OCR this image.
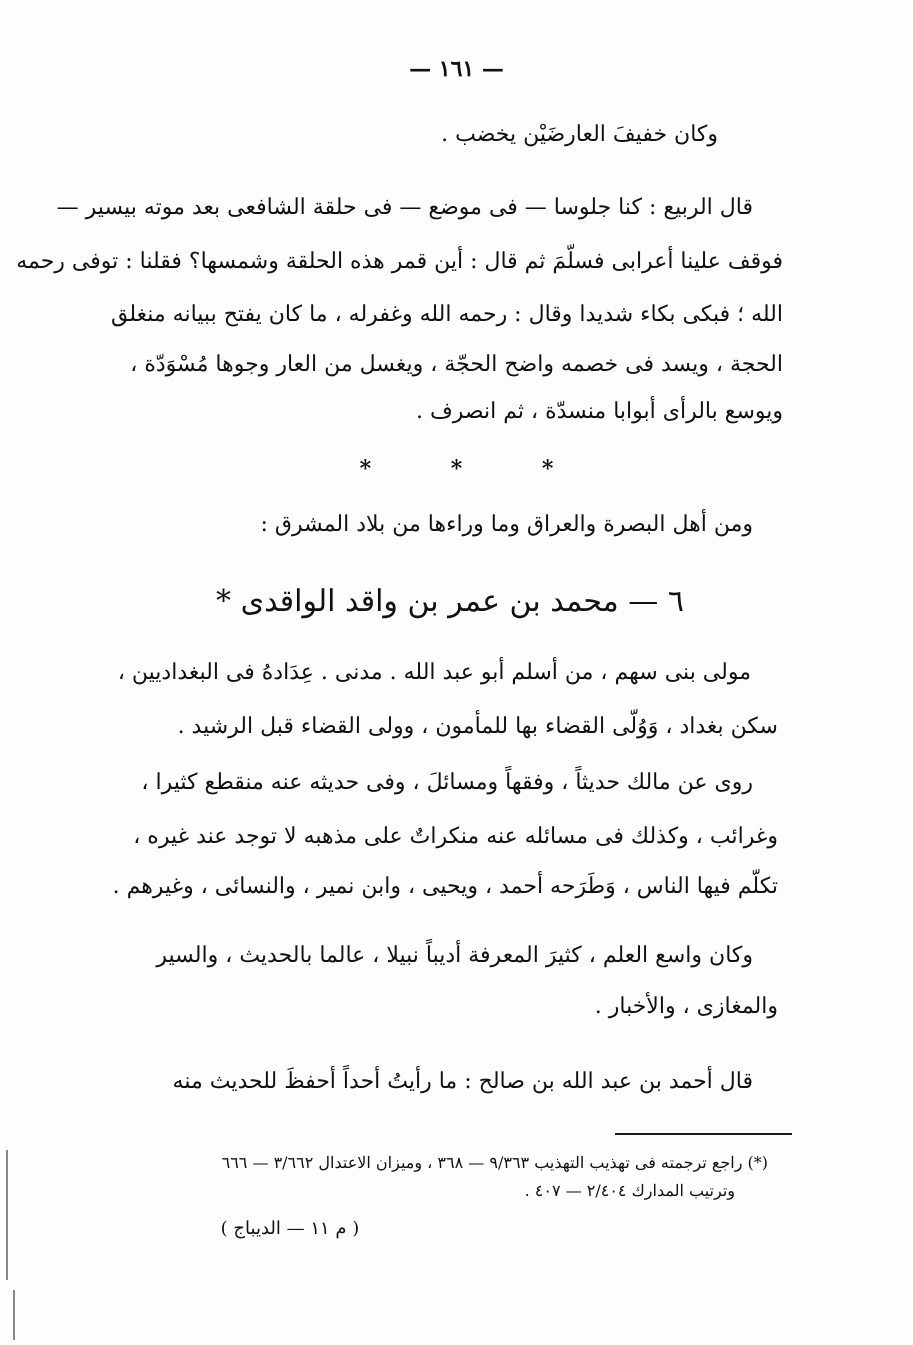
— ١٦١ —
وكان خفيفَ العارضَيْن يخضب .
قال الربيع : كنا جلوسا — فى موضع — فى حلقة الشافعى بعد موته بيسير —
فوقف علينا أعرابى فسلّمَ ثم قال : أين قمر هذه الحلقة وشمسها؟ فقلنا : توفى رحمه
الله ؛ فبكى بكاء شديدا وقال : رحمه الله وغفرله ، ما كان يفتح ببيانه منغلق
الحجة ، ويسد فى خصمه واضح الحجّة ، ويغسل من العار وجوها مُسْوَدّة ،
ويوسع بالرأى أبوابا منسدّة ، ثم انصرف .
* * *
ومن أهل البصرة والعراق وما وراءها من بلاد المشرق :
٦ — محمد بن عمر بن واقد الواقدى *
مولى بنى سهم ، من أسلم أبو عبد الله . مدنى . عِدَادهُ فى البغداديين ،
سكن بغداد ، وَوُلّى القضاء بها للمأمون ، وولى القضاء قبل الرشيد .
روى عن مالك حديثاً ، وفقهاً ومسائلَ ، وفى حديثه عنه منقطع كثيرا ،
وغرائب ، وكذلك فى مسائله عنه منكراتٌ على مذهبه لا توجد عند غيره ،
تكلّم فيها الناس ، وَطَرَحه أحمد ، ويحيى ، وابن نمير ، والنسائى ، وغيرهم .
وكان واسع العلم ، كثيرَ المعرفة أديباً نبيلا ، عالما بالحديث ، والسير
والمغازى ، والأخبار .
قال أحمد بن عبد الله بن صالح : ما رأيتُ أحداً أحفظَ للحديث منه
(*) راجع ترجمته فى تهذيب التهذيب ٩/٣٦٣ — ٣٦٨ ، وميزان الاعتدال ٣/٦٦٢ — ٦٦٦
وترتيب المدارك ٢/٤٠٤ — ٤٠٧ .
( م ١١ — الديباج )
